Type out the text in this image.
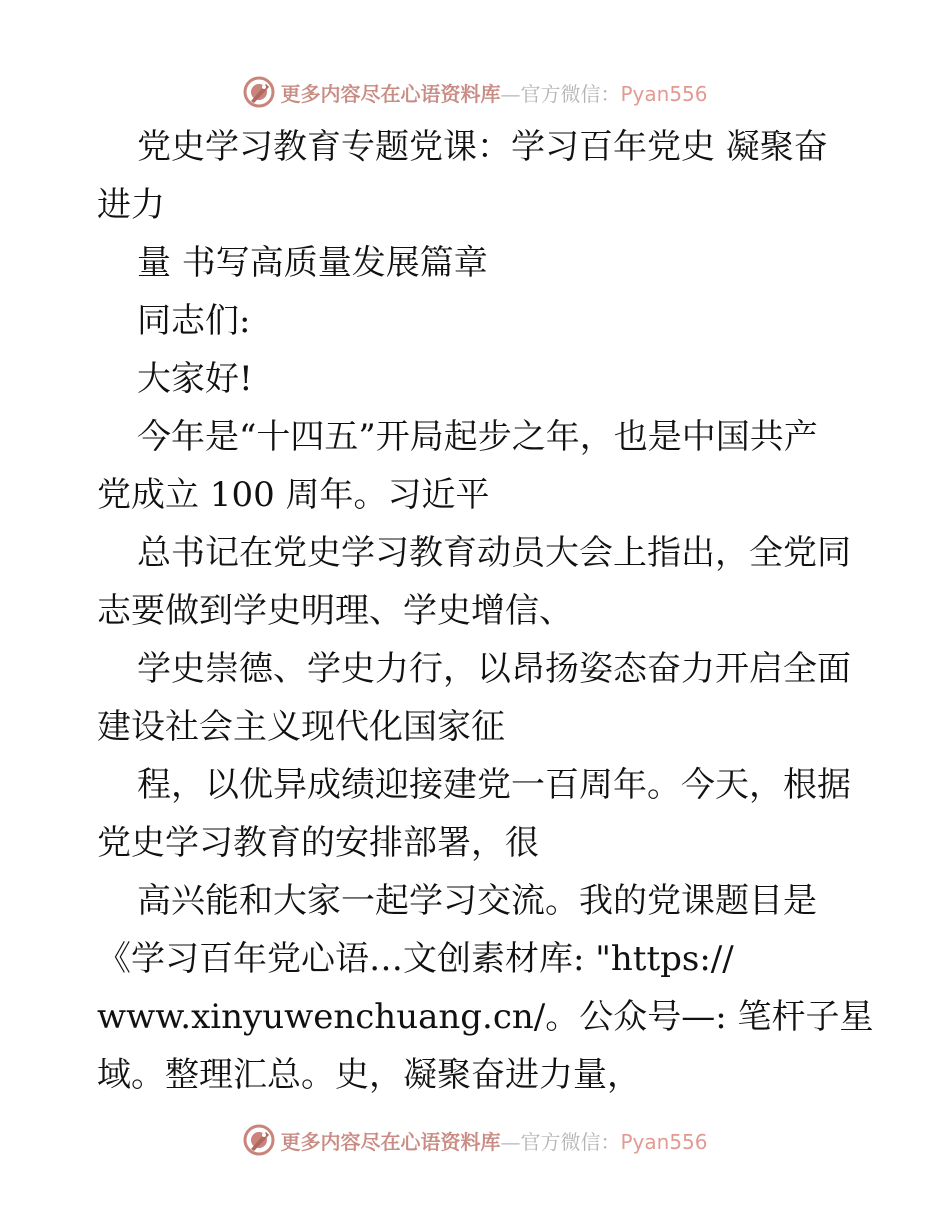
更多内容尽在心语资料库—官方微信：Pyan556

党史学习教育专题党课：学习百年党史 凝聚奋

进力

量 书写高质量发展篇章

同志们:

大家好!

今年是“十四五”开局起步之年，也是中国共产

党成立 100 周年。习近平

总书记在党史学习教育动员大会上指出，全党同

志要做到学史明理、学史增信、

学史崇德、学史力行，以昂扬姿态奋力开启全面

建设社会主义现代化国家征

程，以优异成绩迎接建党一百周年。今天，根据

党史学习教育的安排部署，很

高兴能和大家一起学习交流。我的党课题目是

《学习百年党心语…文创素材库: "https://

www.xinyuwenchuang.cn/。公众号—: 笔杆子星

域。整理汇总。史，凝聚奋进力量，

更多内容尽在心语资料库—官方微信：Pyan556
